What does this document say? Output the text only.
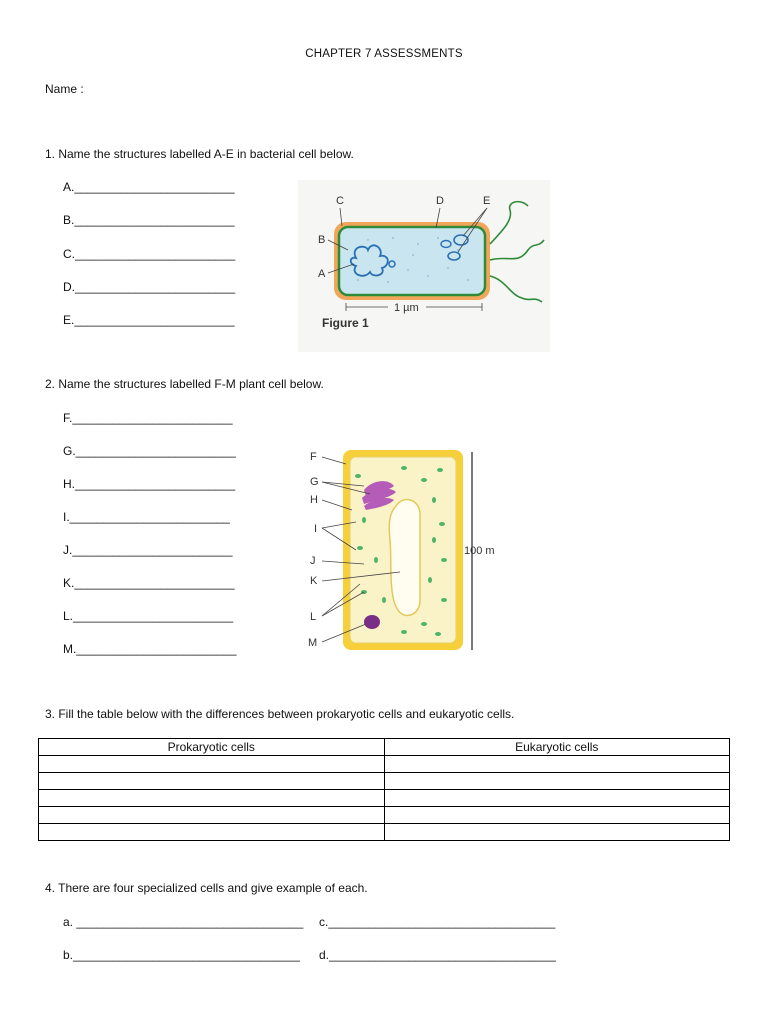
CHAPTER 7 ASSESSMENTS
Name :
1. Name the structures labelled A-E in bacterial cell below.
A.________________________
B.________________________
C.________________________
D.________________________
E.________________________
C	D	E
B
A
1 µm
Figure 1
2. Name the structures labelled F-M plant cell below.
F.________________________
G.________________________
H.________________________
I.________________________
J.________________________
K.________________________
L.________________________
M.________________________
F
G
H
I
J
K
L
M
100 m
3. Fill the table below with the differences between prokaryotic cells and eukaryotic cells.
Prokaryotic cells	Eukaryotic cells

4. There are four specialized cells and give example of each.
a. __________________________________ c.__________________________________
b.__________________________________ d.__________________________________
